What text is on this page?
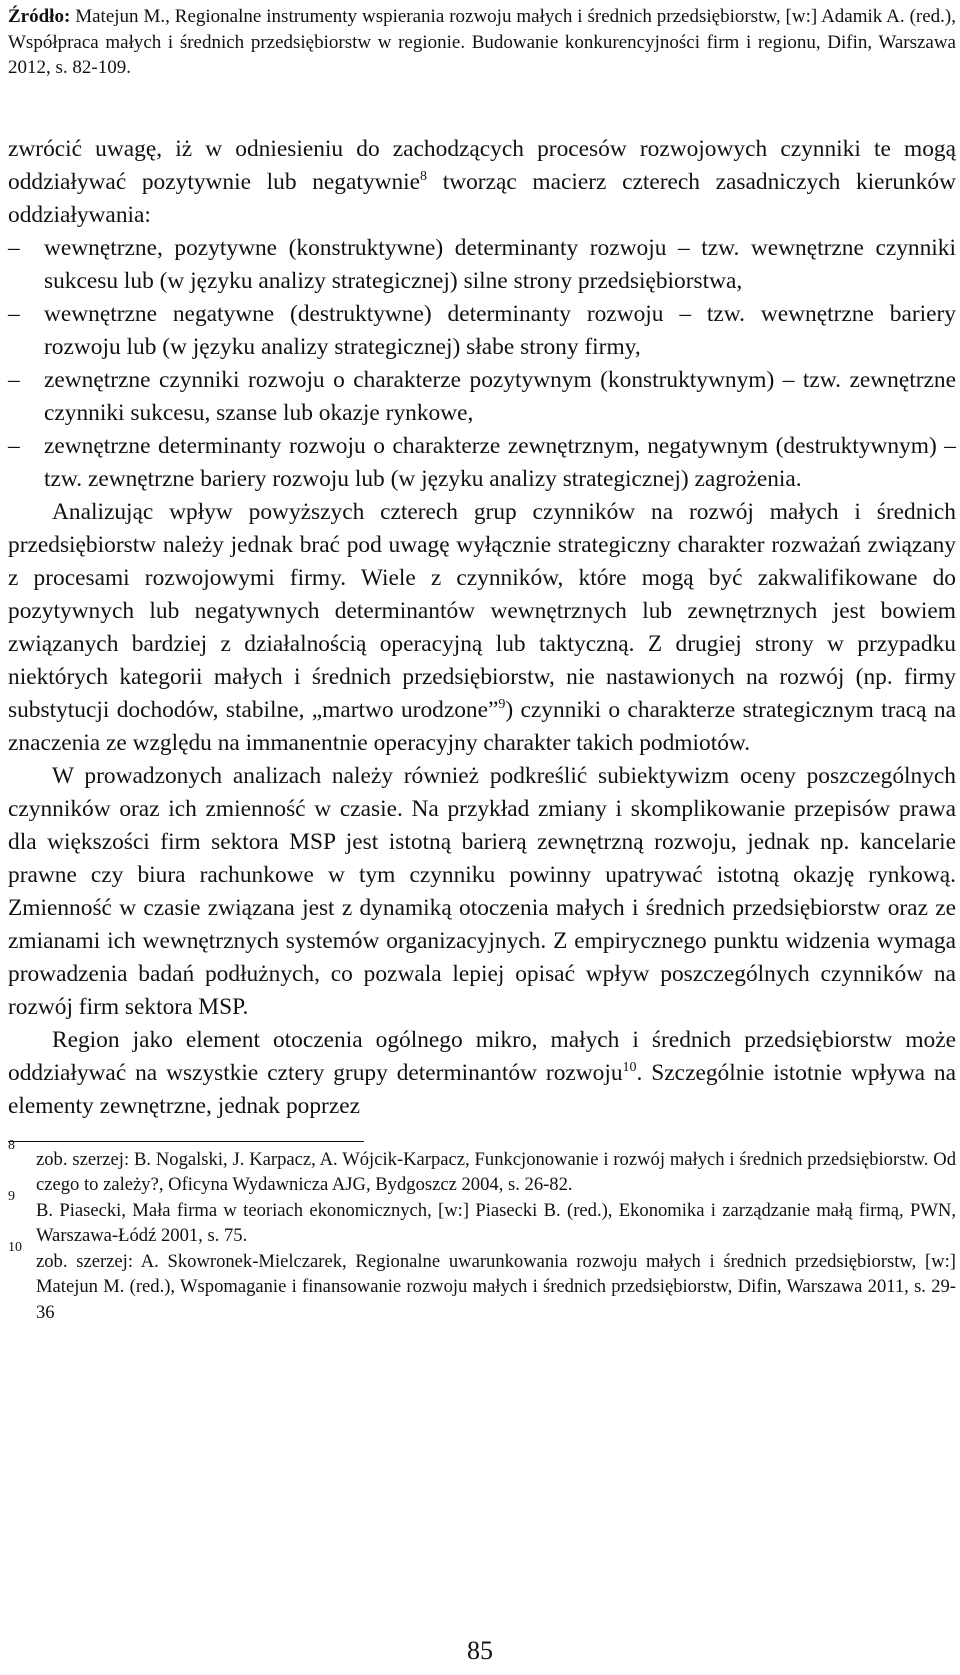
Źródło: Matejun M., Regionalne instrumenty wspierania rozwoju małych i średnich przedsiębiorstw, [w:] Adamik A. (red.), Współpraca małych i średnich przedsiębiorstw w regionie. Budowanie konkurencyjności firm i regionu, Difin, Warszawa 2012, s. 82-109.

zwrócić uwagę, iż w odniesieniu do zachodzących procesów rozwojowych czynniki te mogą oddziaływać pozytywnie lub negatywnie$^8$ tworząc macierz czterech zasadniczych kierunków oddziaływania:

– wewnętrzne, pozytywne (konstruktywne) determinanty rozwoju – tzw. wewnętrzne czynniki sukcesu lub (w języku analizy strategicznej) silne strony przedsiębiorstwa,
– wewnętrzne negatywne (destruktywne) determinanty rozwoju – tzw. wewnętrzne bariery rozwoju lub (w języku analizy strategicznej) słabe strony firmy,
– zewnętrzne czynniki rozwoju o charakterze pozytywnym (konstruktywnym) – tzw. zewnętrzne czynniki sukcesu, szanse lub okazje rynkowe,
– zewnętrzne determinanty rozwoju o charakterze zewnętrznym, negatywnym (destruktywnym) – tzw. zewnętrzne bariery rozwoju lub (w języku analizy strategicznej) zagrożenia.

Analizując wpływ powyższych czterech grup czynników na rozwój małych i średnich przedsiębiorstw należy jednak brać pod uwagę wyłącznie strategiczny charakter rozważań związany z procesami rozwojowymi firmy. Wiele z czynników, które mogą być zakwalifikowane do pozytywnych lub negatywnych determinantów wewnętrznych lub zewnętrznych jest bowiem związanych bardziej z działalnością operacyjną lub taktyczną. Z drugiej strony w przypadku niektórych kategorii małych i średnich przedsiębiorstw, nie nastawionych na rozwój (np. firmy substytucji dochodów, stabilne, „martwo urodzone”$^9$) czynniki o charakterze strategicznym tracą na znaczenia ze względu na immanentnie operacyjny charakter takich podmiotów.

W prowadzonych analizach należy również podkreślić subiektywizm oceny poszczególnych czynników oraz ich zmienność w czasie. Na przykład zmiany i skomplikowanie przepisów prawa dla większości firm sektora MSP jest istotną barierą zewnętrzną rozwoju, jednak np. kancelarie prawne czy biura rachunkowe w tym czynniku powinny upatrywać istotną okazję rynkową. Zmienność w czasie związana jest z dynamiką otoczenia małych i średnich przedsiębiorstw oraz ze zmianami ich wewnętrznych systemów organizacyjnych. Z empirycznego punktu widzenia wymaga prowadzenia badań podłużnych, co pozwala lepiej opisać wpływ poszczególnych czynników na rozwój firm sektora MSP.

Region jako element otoczenia ogólnego mikro, małych i średnich przedsiębiorstw może oddziaływać na wszystkie cztery grupy determinantów rozwoju$^{10}$. Szczególnie istotnie wpływa na elementy zewnętrzne, jednak poprzez

8
zob. szerzej: B. Nogalski, J. Karpacz, A. Wójcik-Karpacz, Funkcjonowanie i rozwój małych i średnich przedsiębiorstw. Od czego to zależy?, Oficyna Wydawnicza AJG, Bydgoszcz 2004, s. 26-82.

9
B. Piasecki, Mała firma w teoriach ekonomicznych, [w:] Piasecki B. (red.), Ekonomika i zarządzanie małą firmą, PWN, Warszawa-Łódź 2001, s. 75.

10
zob. szerzej: A. Skowronek-Mielczarek, Regionalne uwarunkowania rozwoju małych i średnich przedsiębiorstw, [w:] Matejun M. (red.), Wspomaganie i finansowanie rozwoju małych i średnich przedsiębiorstw, Difin, Warszawa 2011, s. 29-36

85
